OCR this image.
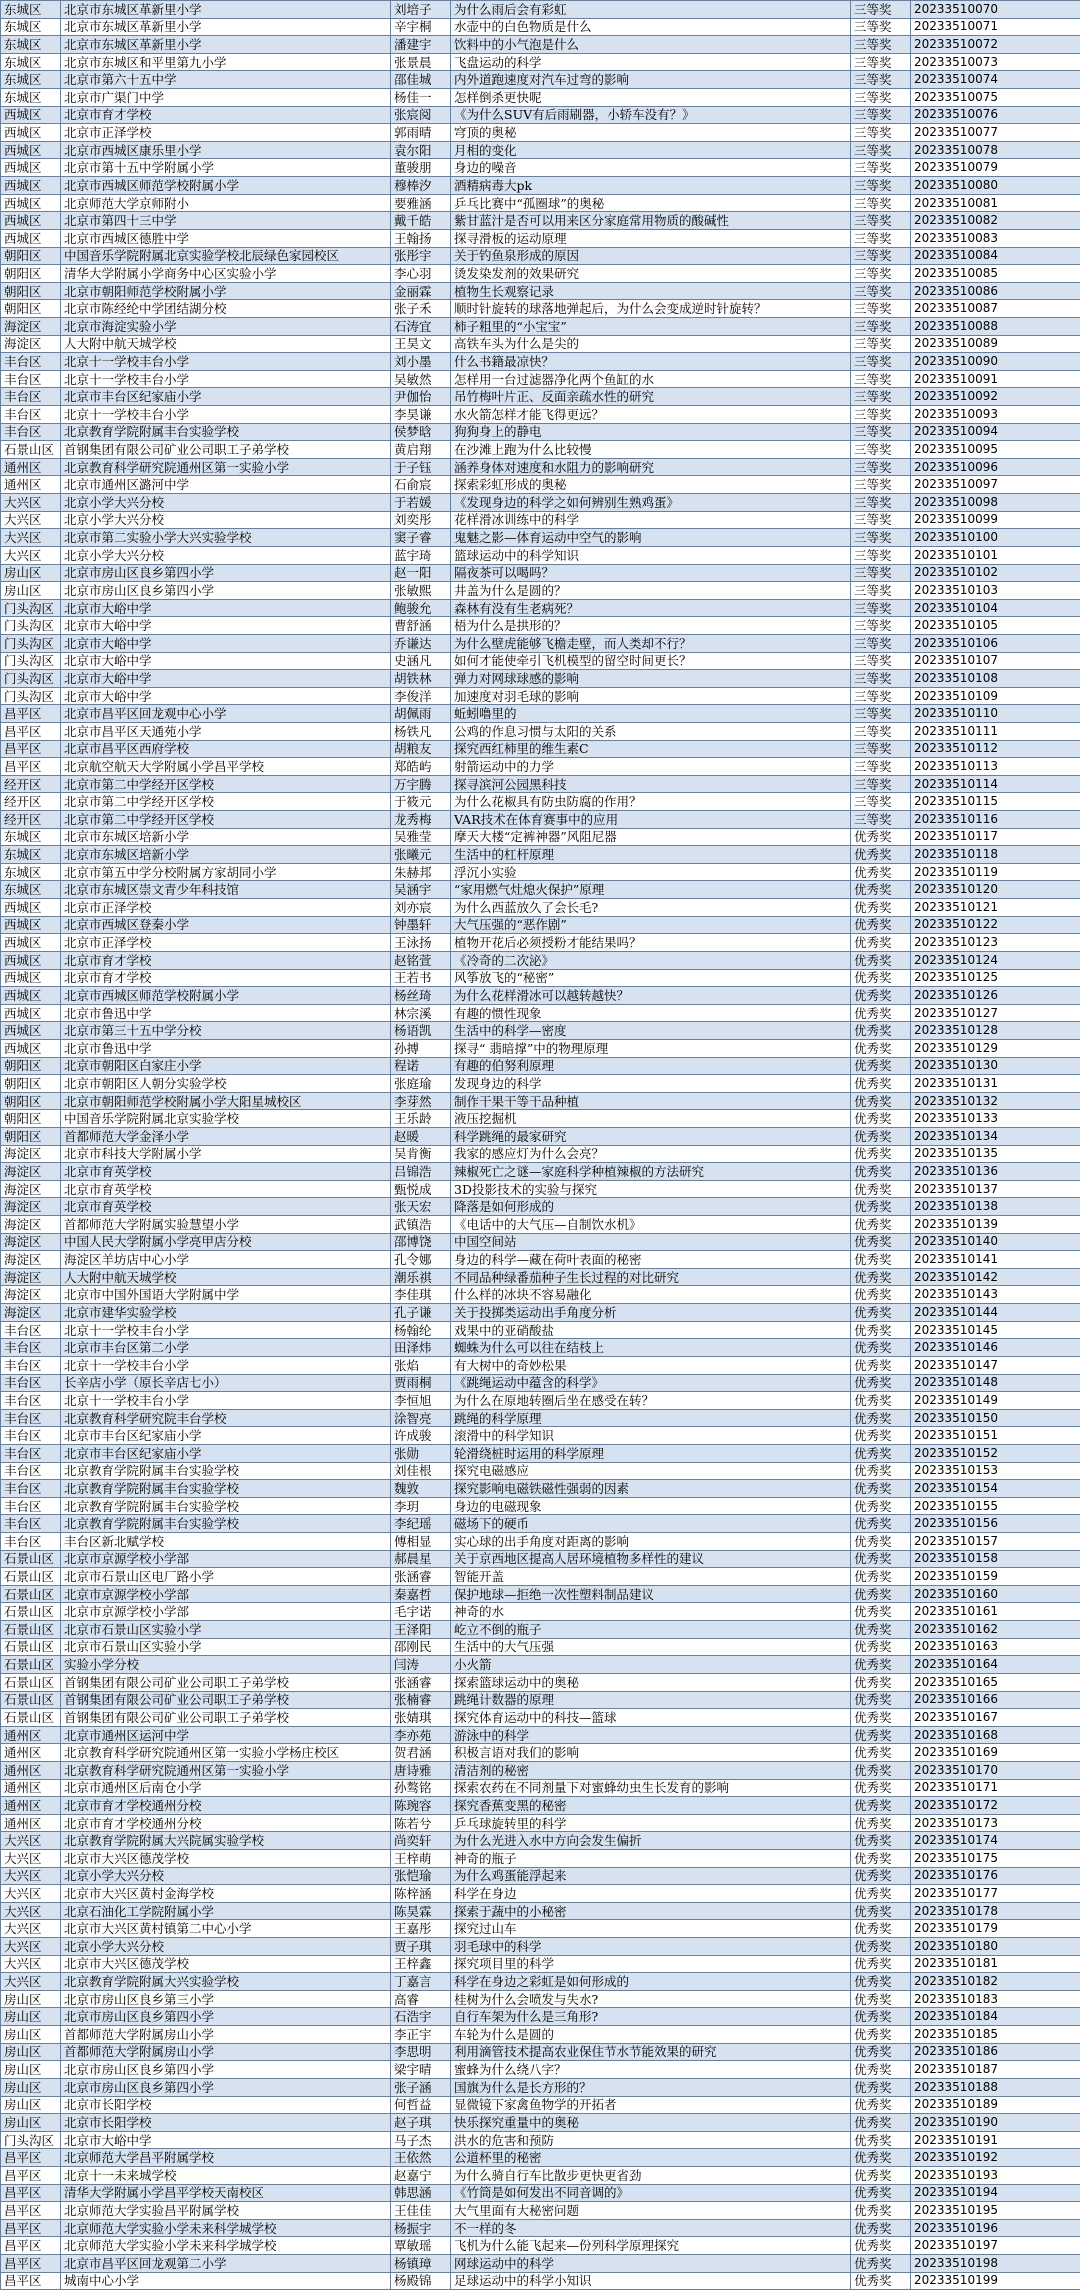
东城区	北京市东城区革新里小学	刘培子	为什么雨后会有彩虹	三等奖	20233510070
东城区	北京市东城区革新里小学	辛宇桐	水壶中的白色物质是什么	三等奖	20233510071
东城区	北京市东城区革新里小学	潘建宇	饮料中的小气泡是什么	三等奖	20233510072
东城区	北京市东城区和平里第九小学	张景晨	飞盘运动的科学	三等奖	20233510073
东城区	北京市第六十五中学	邵佳城	内外道跑速度对汽车过弯的影响	三等奖	20233510074
东城区	北京市广渠门中学	杨佳一	怎样倒杀更快呢	三等奖	20233510075
西城区	北京市育才学校	张宸阅	《为什么SUV有后雨刷器，小轿车没有？》	三等奖	20233510076
西城区	北京市正泽学校	郭雨晴	穹顶的奥秘	三等奖	20233510077
西城区	北京市西城区康乐里小学	袁尔阳	月相的变化	三等奖	20233510078
西城区	北京市第十五中学附属小学	董骏朋	身边的噪音	三等奖	20233510079
西城区	北京市西城区师范学校附属小学	穆棒汐	酒精病毒大pk	三等奖	20233510080
西城区	北京师范大学京师附小	要雅涵	乒乓比赛中“孤圈球”的奥秘	三等奖	20233510081
西城区	北京市第四十三中学	戴千皓	紫甘蓝汁是否可以用来区分家庭常用物质的酸碱性	三等奖	20233510082
西城区	北京市西城区德胜中学	王翰扬	探寻滑板的运动原理	三等奖	20233510083
朝阳区	中国音乐学院附属北京实验学校北辰绿色家园校区	张彤宇	关于钓鱼泉形成的原因	三等奖	20233510084
朝阳区	清华大学附属小学商务中心区实验小学	李心羽	烫发染发剂的效果研究	三等奖	20233510085
朝阳区	北京市朝阳师范学校附属小学	金丽霖	植物生长观察记录	三等奖	20233510086
朝阳区	北京市陈经纶中学团结湖分校	张子禾	顺时针旋转的球落地弹起后，为什么会变成逆时针旋转？	三等奖	20233510087
海淀区	北京市海淀实验小学	石涛宜	柿子粗里的“小宝宝”	三等奖	20233510088
海淀区	人大附中航天城学校	王昊文	高铁车头为什么是尖的	三等奖	20233510089
丰台区	北京十一学校丰台小学	刘小墨	什么书籍最凉快？	三等奖	20233510090
丰台区	北京十一学校丰台小学	吴敏然	怎样用一台过滤器净化两个鱼缸的水	三等奖	20233510091
丰台区	北京市丰台区纪家庙小学	尹伽怡	吊竹梅叶片正、反面亲疏水性的研究	三等奖	20233510092
丰台区	北京十一学校丰台小学	李昊谦	水火箭怎样才能飞得更远？	三等奖	20233510093
丰台区	北京教育学院附属丰台实验学校	侯梦晗	狗狗身上的静电	三等奖	20233510094
石景山区	首钢集团有限公司矿业公司职工子弟学校	黄启翔	在沙滩上跑为什么比较慢	三等奖	20233510095
通州区	北京教育科学研究院通州区第一实验小学	于子钰	涵养身体对速度和水阻力的影响研究	三等奖	20233510096
通州区	北京市通州区潞河中学	石俞宸	探索彩虹形成的奥秘	三等奖	20233510097
大兴区	北京小学大兴分校	于若媛	《发现身边的科学之如何辨别生熟鸡蛋》	三等奖	20233510098
大兴区	北京小学大兴分校	刘奕彤	花样滑冰训练中的科学	三等奖	20233510099
大兴区	北京市第二实验小学大兴实验学校	窦子睿	鬼魅之影—体育运动中空气的影响	三等奖	20233510100
大兴区	北京小学大兴分校	蓝宇琦	篮球运动中的科学知识	三等奖	20233510101
房山区	北京市房山区良乡第四小学	赵一阳	隔夜茶可以喝吗？	三等奖	20233510102
房山区	北京市房山区良乡第四小学	张敏熙	井盖为什么是圆的？	三等奖	20233510103
门头沟区	北京市大峪中学	鲍骏允	森林有没有生老病死？	三等奖	20233510104
门头沟区	北京市大峪中学	曹舒涵	梧为什么是拱形的？	三等奖	20233510105
门头沟区	北京市大峪中学	乔谦达	为什么壁虎能够飞檐走壁，而人类却不行？	三等奖	20233510106
门头沟区	北京市大峪中学	史涵凡	如何才能使牵引飞机模型的留空时间更长？	三等奖	20233510107
门头沟区	北京市大峪中学	胡铁林	弹力对网球球感的影响	三等奖	20233510108
门头沟区	北京市大峪中学	李俊洋	加速度对羽毛球的影响	三等奖	20233510109
昌平区	北京市昌平区回龙观中心小学	胡佩雨	蚯蚓噜里的	三等奖	20233510110
昌平区	北京市昌平区天通苑小学	杨铁凡	公鸡的作息习惯与太阳的关系	三等奖	20233510111
昌平区	北京市昌平区西府学校	胡粮友	探究西红柿里的维生素C	三等奖	20233510112
昌平区	北京航空航天大学附属小学昌平学校	郑皓屿	射箭运动中的力学	三等奖	20233510113
经开区	北京市第二中学经开区学校	万宇腾	探寻滨河公园黑科技	三等奖	20233510114
经开区	北京市第二中学经开区学校	于筱元	为什么花椒具有防虫防腐的作用？	三等奖	20233510115
经开区	北京市第二中学经开区学校	龙秀梅	VAR技术在体育赛事中的应用	三等奖	20233510116
东城区	北京市东城区培新小学	吴雅莹	摩天大楼“定裤神器”风阻尼器	优秀奖	20233510117
东城区	北京市东城区培新小学	张曦元	生活中的杠杆原理	优秀奖	20233510118
东城区	北京市第五中学分校附属方家胡同小学	朱赫邦	浮沉小实验	优秀奖	20233510119
东城区	北京市东城区崇文青少年科技馆	吴涵宇	“家用燃气灶熄火保护”原理	优秀奖	20233510120
西城区	北京市正泽学校	刘亦宸	为什么西蓝放久了会长毛?	优秀奖	20233510121
西城区	北京市西城区登秦小学	钟墨轩	大气压强的“恶作剧”	优秀奖	20233510122
西城区	北京市正泽学校	王泳扬	植物开花后必须授粉才能结果吗？	优秀奖	20233510123
西城区	北京市育才学校	赵铭萱	《冷奇的二次泌》	优秀奖	20233510124
西城区	北京市育才学校	王若书	风筝放飞的“秘密”	优秀奖	20233510125
西城区	北京市西城区师范学校附属小学	杨丝琦	为什么花样滑冰可以越转越快？	优秀奖	20233510126
西城区	北京市鲁迅中学	林宗溪	有趣的惯性现象	优秀奖	20233510127
西城区	北京市第三十五中学分校	杨语凯	生活中的科学—密度	优秀奖	20233510128
西城区	北京市鲁迅中学	孙搏	探寻“ 翡暗撑”中的物理原理	优秀奖	20233510129
朝阳区	北京市朝阳区白家庄小学	程诺	有趣的伯努利原理	优秀奖	20233510130
朝阳区	北京市朝阳区人朝分实验学校	张庭瑜	发现身边的科学	优秀奖	20233510131
朝阳区	北京市朝阳师范学校附属小学大阳星城校区	李芽然	制作干果干等干品种植	优秀奖	20233510132
朝阳区	中国音乐学院附属北京实验学校	王乐龄	液压挖掘机	优秀奖	20233510133
朝阳区	首都师范大学金泽小学	赵暖	科学跳绳的最家研究	优秀奖	20233510134
海淀区	北京市科技大学附属小学	吴肯衡	我家的感应灯为什么会亮？	优秀奖	20233510135
海淀区	北京市育英学校	吕锦浩	辣椒死亡之谜—家庭科学种植辣椒的方法研究	优秀奖	20233510136
海淀区	北京市育英学校	甄悦成	3D投影技术的实验与探究	优秀奖	20233510137
海淀区	北京市育英学校	张天宏	降落是如何形成的	优秀奖	20233510138
海淀区	首都师范大学附属实验慧望小学	武镇浩	《电话中的大气压—自制饮水机》	优秀奖	20233510139
海淀区	中国人民大学附属小学亮甲店分校	邵博饶	中国空间站	优秀奖	20233510140
海淀区	海淀区羊坊店中心小学	孔令娜	身边的科学—藏在荷叶表面的秘密	优秀奖	20233510141
海淀区	人大附中航天城学校	潮乐祺	不同品种绿番茄种子生长过程的对比研究	优秀奖	20233510142
海淀区	北京市中国外国语大学附属中学	李佳琪	什么样的冰块不容易融化	优秀奖	20233510143
海淀区	北京市建华实验学校	孔子谦	关于投掷类运动出手角度分析	优秀奖	20233510144
丰台区	北京十一学校丰台小学	杨翰纶	戏果中的亚硝酸盐	优秀奖	20233510145
丰台区	北京市丰台区第二小学	田泽炜	蜘蛛为什么可以往在结枝上	优秀奖	20233510146
丰台区	北京十一学校丰台小学	张焰	有大树中的奇妙松果	优秀奖	20233510147
丰台区	长辛店小学（原长辛店七小）	贾雨桐	《跳绳运动中蕴含的科学》	优秀奖	20233510148
丰台区	北京十一学校丰台小学	李恒旭	为什么在原地转圈后坐在感受在转？	优秀奖	20233510149
丰台区	北京教育科学研究院丰台学校	涂智亮	跳绳的科学原理	优秀奖	20233510150
丰台区	北京市丰台区纪家庙小学	许成骏	滚滑中的科学知识	优秀奖	20233510151
丰台区	北京市丰台区纪家庙小学	张勋	轮滑绕桩时运用的科学原理	优秀奖	20233510152
丰台区	北京教育学院附属丰台实验学校	刘佳根	探究电磁感应	优秀奖	20233510153
丰台区	北京教育学院附属丰台实验学校	魏敦	探究影响电磁铁磁性强弱的因素	优秀奖	20233510154
丰台区	北京教育学院附属丰台实验学校	李玥	身边的电磁现象	优秀奖	20233510155
丰台区	北京教育学院附属丰台实验学校	李纪瑶	磁场下的硬币	优秀奖	20233510156
丰台区	丰台区新北赋学校	傅相显	实心球的出手角度对距离的影响	优秀奖	20233510157
石景山区	北京市京源学校小学部	郝晨星	关于京西地区提高人居环境植物多样性的建议	优秀奖	20233510158
石景山区	北京市石景山区电厂路小学	张涵睿	智能开盖	优秀奖	20233510159
石景山区	北京市京源学校小学部	秦嘉哲	保护地球—拒绝一次性塑料制品建议	优秀奖	20233510160
石景山区	北京市京源学校小学部	毛宇诺	神奇的水	优秀奖	20233510161
石景山区	北京市石景山区实验小学	王泽阳	屹立不倒的瓶子	优秀奖	20233510162
石景山区	北京市石景山区实验小学	邵刚民	生活中的大气压强	优秀奖	20233510163
石景山区	实验小学分校	闫涛	小火箭	优秀奖	20233510164
石景山区	首钢集团有限公司矿业公司职工子弟学校	张涵睿	探索篮球运动中的奥秘	优秀奖	20233510165
石景山区	首钢集团有限公司矿业公司职工子弟学校	张楠睿	跳绳计数器的原理	优秀奖	20233510166
石景山区	首钢集团有限公司矿业公司职工子弟学校	张婧琪	探究体育运动中的科技—篮球	优秀奖	20233510167
通州区	北京市通州区运河中学	李亦苑	游泳中的科学	优秀奖	20233510168
通州区	北京教育科学研究院通州区第一实验小学杨庄校区	贺君涵	积极言语对我们的影响	优秀奖	20233510169
通州区	北京教育科学研究院通州区第一实验小学	唐诗雅	清洁剂的秘密	优秀奖	20233510170
通州区	北京市通州区后南仓小学	孙骜铭	探索农药在不同剂量下对蜜蜂幼虫生长发育的影响	优秀奖	20233510171
通州区	北京市育才学校通州分校	陈琬容	探究香蕉变黑的秘密	优秀奖	20233510172
通州区	北京市育才学校通州分校	陈若兮	乒乓球旋转里的科学	优秀奖	20233510173
大兴区	北京教育学院附属大兴院属实验学校	尚奕轩	为什么光进入水中方向会发生偏折	优秀奖	20233510174
大兴区	北京市大兴区德茂学校	王梓萌	神奇的瓶子	优秀奖	20233510175
大兴区	北京小学大兴分校	张恺瑜	为什么鸡蛋能浮起来	优秀奖	20233510176
大兴区	北京市大兴区黄村金海学校	陈梓涵	科学在身边	优秀奖	20233510177
大兴区	北京石油化工学院附属小学	陈昊霖	探索于蔬中的小秘密	优秀奖	20233510178
大兴区	北京市大兴区黄村镇第二中心小学	王嘉彤	探究过山车	优秀奖	20233510179
大兴区	北京小学大兴分校	贾子琪	羽毛球中的科学	优秀奖	20233510180
大兴区	北京市大兴区德茂学校	王梓鑫	探究项目里的科学	优秀奖	20233510181
大兴区	北京教育学院附属大兴实验学校	丁嘉言	科学在身边之彩虹是如何形成的	优秀奖	20233510182
房山区	北京市房山区良乡第三小学	高睿	桂树为什么会喷发与失水?	优秀奖	20233510183
房山区	北京市房山区良乡第四小学	石浩宇	自行车架为什么是三角形?	优秀奖	20233510184
房山区	首都师范大学附属房山小学	李正宇	车轮为什么是圆的	优秀奖	20233510185
房山区	首都师范大学附属房山小学	李思明	利用滴管技术提高农业保住节水节能效果的研究	优秀奖	20233510186
房山区	北京市房山区良乡第四小学	梁宇晴	蜜蜂为什么绕八字？	优秀奖	20233510187
房山区	北京市房山区良乡第四小学	张子涵	国旗为什么是长方形的？	优秀奖	20233510188
房山区	北京市长阳学校	何哲益	显微镜下家禽鱼物学的开拓者	优秀奖	20233510189
房山区	北京市长阳学校	赵子琪	快乐探究重量中的奥秘	优秀奖	20233510190
门头沟区	北京市大峪中学	马子杰	洪水的危害和预防	优秀奖	20233510191
昌平区	北京师范大学昌平附属学校	王依然	公道杯里的秘密	优秀奖	20233510192
昌平区	北京十一未来城学校	赵嘉宁	为什么骑自行车比散步更快更省劲	优秀奖	20233510193
昌平区	清华大学附属小学昌平学校天南校区	韩思涵	《竹筒是如何发出不同音调的》	优秀奖	20233510194
昌平区	北京师范大学实验昌平附属学校	王佳佳	大气里面有大秘密问题	优秀奖	20233510195
昌平区	北京师范大学实验小学未来科学城学校	杨振宇	不一样的冬	优秀奖	20233510196
昌平区	北京师范大学实验小学未来科学城学校	覃敏瑶	飞机为什么能飞起来—份列科学原理探究	优秀奖	20233510197
昌平区	北京市昌平区回龙观第二小学	杨镇璋	网球运动中的科学	优秀奖	20233510198
昌平区	城南中心小学	杨殿锦	足球运动中的科学小知识	优秀奖	20233510199
